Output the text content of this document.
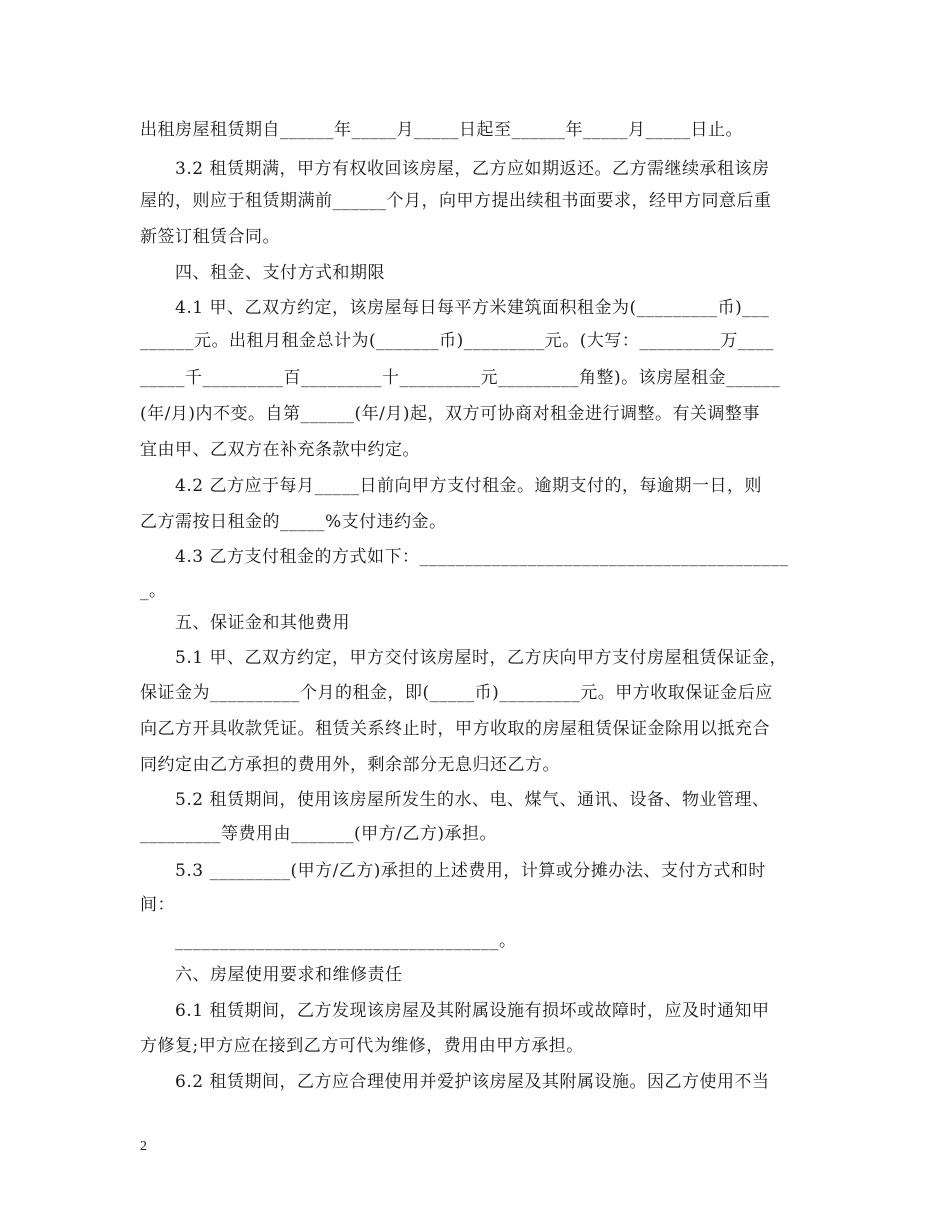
出租房屋租赁期自______年_____月_____日起至______年_____月_____日止。
3.2 租赁期满，甲方有权收回该房屋，乙方应如期返还。乙方需继续承租该房
屋的，则应于租赁期满前______个月，向甲方提出续租书面要求，经甲方同意后重
新签订租赁合同。
四、租金、支付方式和期限
4.1 甲、乙双方约定，该房屋每日每平方米建筑面积租金为(_________币)___
______元。出租月租金总计为(_______币)_________元。(大写：_________万____
_____千_________百_________十_________元_________角整)。该房屋租金______
(年/月)内不变。自第______(年/月)起，双方可协商对租金进行调整。有关调整事
宜由甲、乙双方在补充条款中约定。
4.2 乙方应于每月_____日前向甲方支付租金。逾期支付的，每逾期一日，则
乙方需按日租金的_____%支付违约金。
4.3 乙方支付租金的方式如下：_________________________________________
_。
五、保证金和其他费用
5.1 甲、乙双方约定，甲方交付该房屋时，乙方庆向甲方支付房屋租赁保证金，
保证金为__________个月的租金，即(_____币)_________元。甲方收取保证金后应
向乙方开具收款凭证。租赁关系终止时，甲方收取的房屋租赁保证金除用以抵充合
同约定由乙方承担的费用外，剩余部分无息归还乙方。
5.2 租赁期间，使用该房屋所发生的水、电、煤气、通讯、设备、物业管理、
_________等费用由_______(甲方/乙方)承担。
5.3 _________(甲方/乙方)承担的上述费用，计算或分摊办法、支付方式和时
间：
____________________________________。
六、房屋使用要求和维修责任
6.1 租赁期间，乙方发现该房屋及其附属设施有损坏或故障时，应及时通知甲
方修复;甲方应在接到乙方可代为维修，费用由甲方承担。
6.2 租赁期间，乙方应合理使用并爱护该房屋及其附属设施。因乙方使用不当
2
